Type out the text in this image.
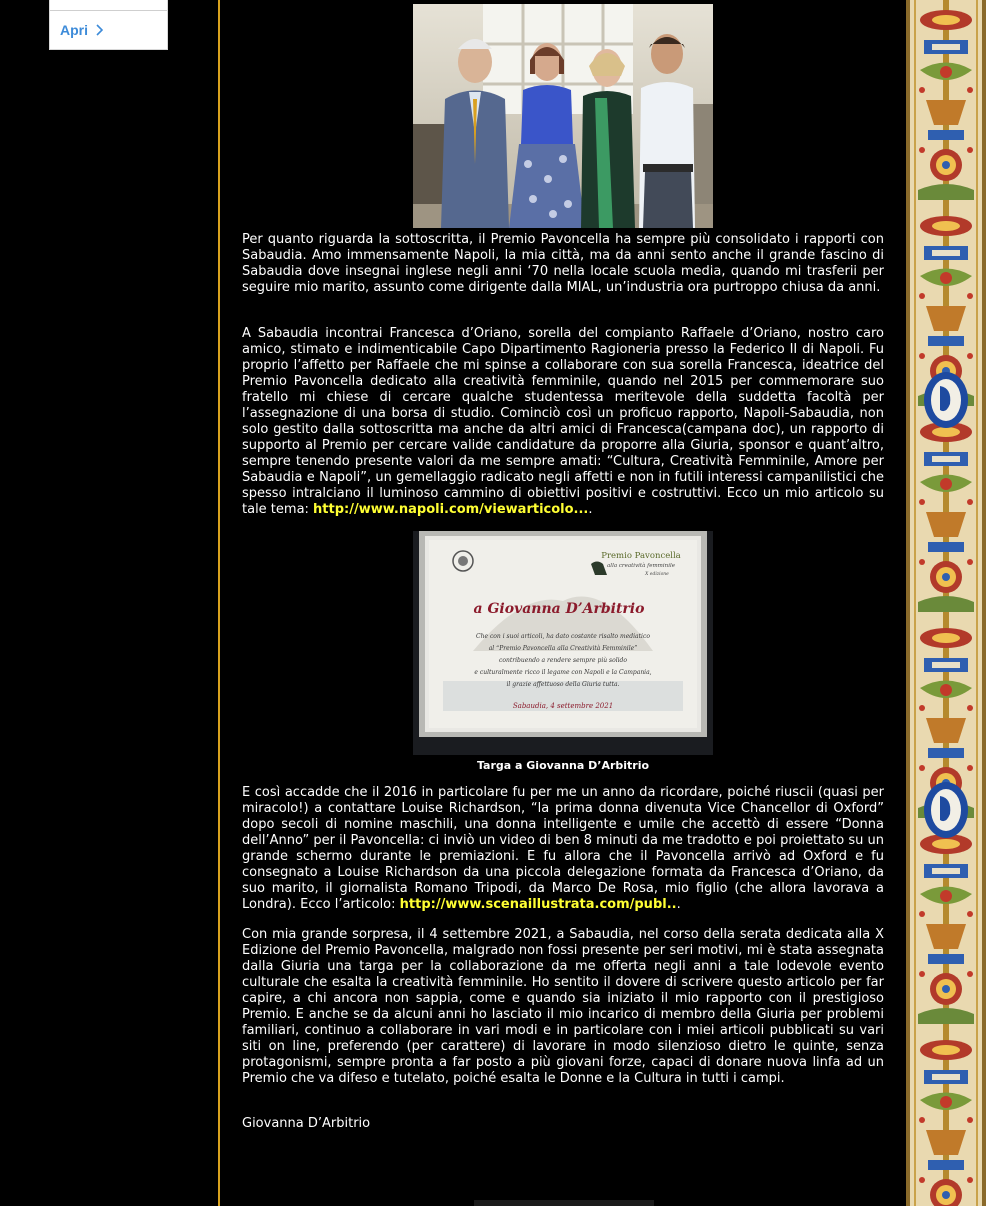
Apri

Per quanto riguarda la sottoscritta, il Premio Pavoncella ha sempre più consolidato i rapporti con Sabaudia. Amo immensamente Napoli, la mia città, ma da anni sento anche il grande fascino di Sabaudia dove insegnai inglese negli anni ‘70 nella locale scuola media, quando mi trasferii per seguire mio marito, assunto come dirigente dalla MIAL, un’industria ora purtroppo chiusa da anni.

A Sabaudia incontrai Francesca d’Oriano, sorella del compianto Raffaele d’Oriano, nostro caro amico, stimato e indimenticabile Capo Dipartimento Ragioneria presso la Federico II di Napoli. Fu proprio l’affetto per Raffaele che mi spinse a collaborare con sua sorella Francesca, ideatrice del Premio Pavoncella dedicato alla creatività femminile, quando nel 2015 per commemorare suo fratello mi chiese di cercare qualche studentessa meritevole della suddetta facoltà per l’assegnazione di una borsa di studio. Cominciò così un proficuo rapporto, Napoli-Sabaudia, non solo gestito dalla sottoscritta ma anche da altri amici di Francesca(campana doc), un rapporto di supporto al Premio per cercare valide candidature da proporre alla Giuria, sponsor e quant’altro, sempre tenendo presente valori da me sempre amati: “Cultura, Creatività Femminile, Amore per Sabaudia e Napoli”, un gemellaggio radicato negli affetti e non in futili interessi campanilistici che spesso intralciano il luminoso cammino di obiettivi positivi e costruttivi. Ecco un mio articolo su tale tema: http://www.napoli.com/viewarticolo....

Premio Pavoncella
alla creatività femminile
X edizione
a Giovanna D’Arbitrio
Che con i suoi articoli, ha dato costante risalto mediatico
al “Premio Pavoncella alla Creatività Femminile”
contribuendo a rendere sempre più solido
e culturalmente ricco il legame con Napoli e la Campania,
il grazie affettuoso della Giuria tutta.
Sabaudia, 4 settembre 2021
Targa a Giovanna D’Arbitrio

E così accadde che il 2016 in particolare fu per me un anno da ricordare, poiché riuscii (quasi per miracolo!) a contattare Louise Richardson, “la prima donna divenuta Vice Chancellor di Oxford” dopo secoli di nomine maschili, una donna intelligente e umile che accettò di essere “Donna dell’Anno” per il Pavoncella: ci inviò un video di ben 8 minuti da me tradotto e poi proiettato su un grande schermo durante le premiazioni. E fu allora che il Pavoncella arrivò ad Oxford e fu consegnato a Louise Richardson da una piccola delegazione formata da Francesca d’Oriano, da suo marito, il giornalista Romano Tripodi, da Marco De Rosa, mio figlio (che allora lavorava a Londra). Ecco l’articolo: http://www.scenaillustrata.com/publ...

Con mia grande sorpresa, il 4 settembre 2021, a Sabaudia, nel corso della serata dedicata alla X Edizione del Premio Pavoncella, malgrado non fossi presente per seri motivi, mi è stata assegnata dalla Giuria una targa per la collaborazione da me offerta negli anni a tale lodevole evento culturale che esalta la creatività femminile. Ho sentito il dovere di scrivere questo articolo per far capire, a chi ancora non sappia, come e quando sia iniziato il mio rapporto con il prestigioso Premio. E anche se da alcuni anni ho lasciato il mio incarico di membro della Giuria per problemi familiari, continuo a collaborare in vari modi e in particolare con i miei articoli pubblicati su vari siti on line, preferendo (per carattere) di lavorare in modo silenzioso dietro le quinte, senza protagonismi, sempre pronta a far posto a più giovani forze, capaci di donare nuova linfa ad un Premio che va difeso e tutelato, poiché esalta le Donne e la Cultura in tutti i campi.

Giovanna D’Arbitrio
